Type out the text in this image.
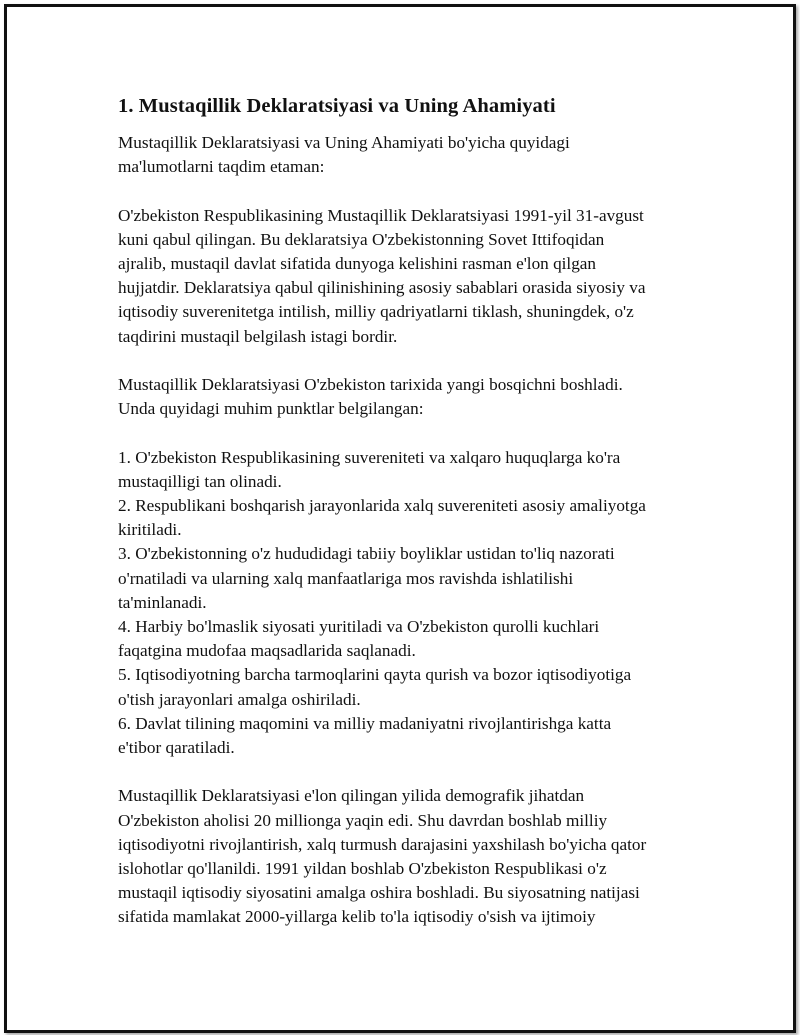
1. Mustaqillik Deklaratsiyasi va Uning Ahamiyati

Mustaqillik Deklaratsiyasi va Uning Ahamiyati bo'yicha quyidagi
ma'lumotlarni taqdim etaman:

O'zbekiston Respublikasining Mustaqillik Deklaratsiyasi 1991-yil 31-avgust
kuni qabul qilingan. Bu deklaratsiya O'zbekistonning Sovet Ittifoqidan
ajralib, mustaqil davlat sifatida dunyoga kelishini rasman e'lon qilgan
hujjatdir. Deklaratsiya qabul qilinishining asosiy sabablari orasida siyosiy va
iqtisodiy suverenitetga intilish, milliy qadriyatlarni tiklash, shuningdek, o'z
taqdirini mustaqil belgilash istagi bordir.

Mustaqillik Deklaratsiyasi O'zbekiston tarixida yangi bosqichni boshladi.
Unda quyidagi muhim punktlar belgilangan:

1. O'zbekiston Respublikasining suvereniteti va xalqaro huquqlarga ko'ra
mustaqilligi tan olinadi.
2. Respublikani boshqarish jarayonlarida xalq suvereniteti asosiy amaliyotga
kiritiladi.
3. O'zbekistonning o'z hududidagi tabiiy boyliklar ustidan to'liq nazorati
o'rnatiladi va ularning xalq manfaatlariga mos ravishda ishlatilishi
ta'minlanadi.
4. Harbiy bo'lmaslik siyosati yuritiladi va O'zbekiston qurolli kuchlari
faqatgina mudofaa maqsadlarida saqlanadi.
5. Iqtisodiyotning barcha tarmoqlarini qayta qurish va bozor iqtisodiyotiga
o'tish jarayonlari amalga oshiriladi.
6. Davlat tilining maqomini va milliy madaniyatni rivojlantirishga katta
e'tibor qaratiladi.

Mustaqillik Deklaratsiyasi e'lon qilingan yilida demografik jihatdan
O'zbekiston aholisi 20 millionga yaqin edi. Shu davrdan boshlab milliy
iqtisodiyotni rivojlantirish, xalq turmush darajasini yaxshilash bo'yicha qator
islohotlar qo'llanildi. 1991 yildan boshlab O'zbekiston Respublikasi o'z
mustaqil iqtisodiy siyosatini amalga oshira boshladi. Bu siyosatning natijasi
sifatida mamlakat 2000-yillarga kelib to'la iqtisodiy o'sish va ijtimoiy
